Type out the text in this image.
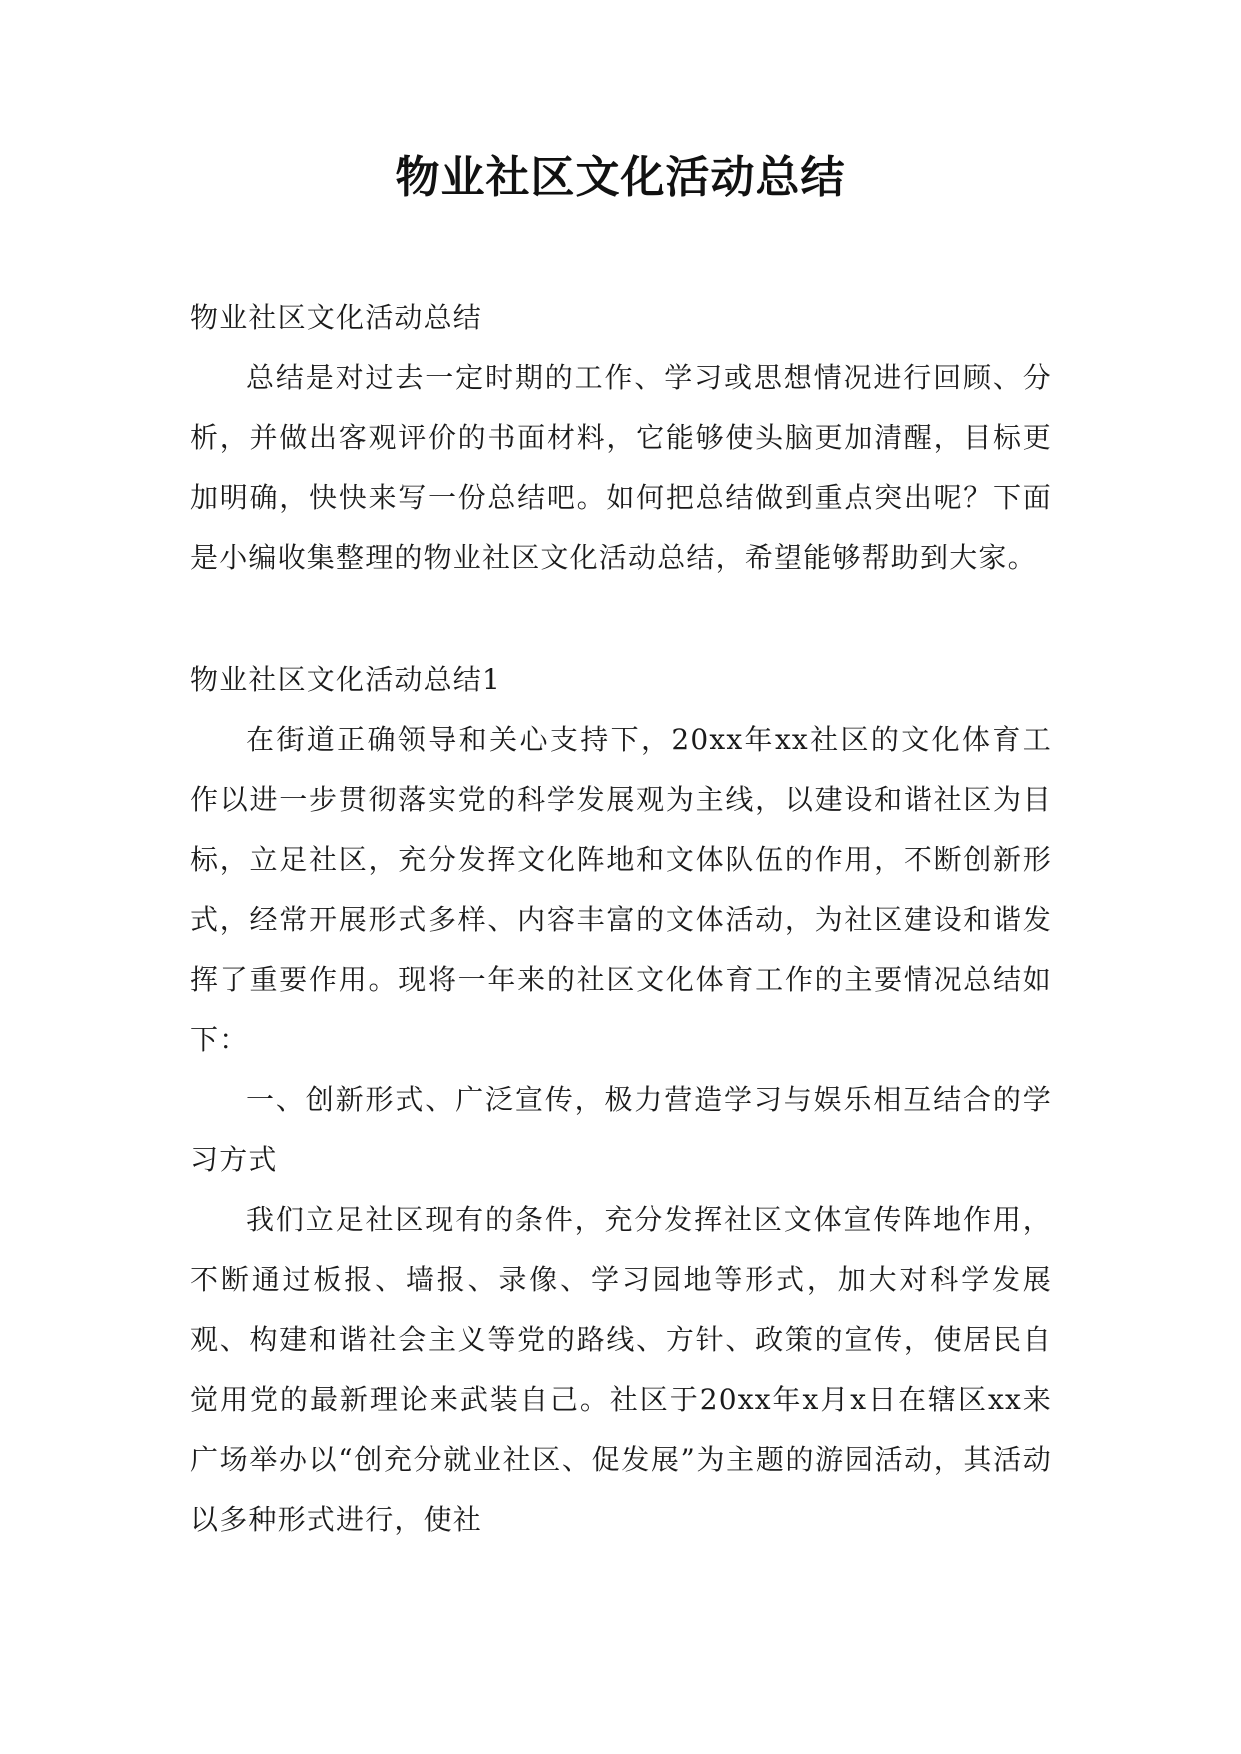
物业社区文化活动总结

物业社区文化活动总结

总结是对过去一定时期的工作、学习或思想情况进行回顾、分析，并做出客观评价的书面材料，它能够使头脑更加清醒，目标更加明确，快快来写一份总结吧。如何把总结做到重点突出呢？下面是小编收集整理的物业社区文化活动总结，希望能够帮助到大家。

物业社区文化活动总结1

在街道正确领导和关心支持下，20xx年xx社区的文化体育工作以进一步贯彻落实党的科学发展观为主线，以建设和谐社区为目标，立足社区，充分发挥文化阵地和文体队伍的作用，不断创新形式，经常开展形式多样、内容丰富的文体活动，为社区建设和谐发挥了重要作用。现将一年来的社区文化体育工作的主要情况总结如下：

一、创新形式、广泛宣传，极力营造学习与娱乐相互结合的学习方式

我们立足社区现有的条件，充分发挥社区文体宣传阵地作用，不断通过板报、墙报、录像、学习园地等形式，加大对科学发展观、构建和谐社会主义等党的路线、方针、政策的宣传，使居民自觉用党的最新理论来武装自己。社区于20xx年x月x日在辖区xx来广场举办以“创充分就业社区、促发展”为主题的游园活动，其活动以多种形式进行，使社
